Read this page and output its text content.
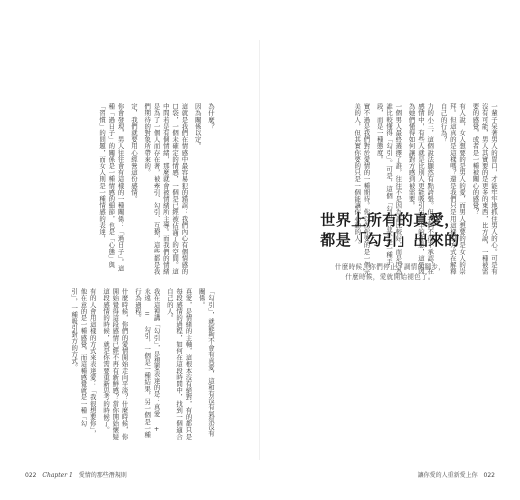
為什麼？
因為關係以定。
這就是我們在情感中最容易犯的錯誤：我們內心有個情感的口袋，一個未確定的情感，一個是已經被佔滿了的空間。這中間若是有個情緒，那麼就會被情緒所主導。而我們的情緒是為了一個人而存在著，被牽引、勾引、互撩，這些都是我們期待的對象所帶來的。
定，我們就要用心經營這份感情。
你會發現，男人往往會有這樣的一種關係：「過日子」。這種「過日子」的關係是一種情感的細節，也是「心態」與「習慣」的問題，而女人則是一種情感的表達，
「勾引」，就能夠不會有真愛，這和有沒有氣氛沒有關係。
真愛，是情緒的主軸，這根本沒有絕對，有的都只是每段感情的過程，如何在這段時間中，找到一個適合自己的人。
我在這裡講「勾引」，是想要表達的是：真愛 + 永遠 = 勾引，一個是一種結果，另一個是一種行為過程。
什麼時候，你們的愛情開始走向平淡？什麼時候，你開始覺得這段感情已經不再有新鮮感？當你開始懷疑這段感情的時候，就是你需要重新思考的時候了。
有的人會用這樣的方式來表達愛：「我很想要你」，他在意的是一種感覺，而這種感覺就是一種「勾引」，一種吸引對方的方式。
022 Chapter 1 愛情的那些潛規則
一輩子呆著男人的胃口，才能牢牢地抓住男人的心。可是有沒有可能，男人其實要的是更多的東西，比方說，一種被需要的感覺，或者是一種被關心的感覺？
有人說，女人想要的是男人的愛，而男人想要的是女人的崇拜。但這真的是這樣嗎？還是我們只是用這樣的方式在解釋自己的行為？
力的小三，這個說法顯然有點誇張。但我們不得不承認，在感情中，有些人就是比別人更能吸引另一半的注意，這是因為她們懂得如何讓對方感到被需要。
一個男人最終選擇了誰，往往不是因為誰比較好，而是因為誰比較懂得「勾引」。可是，這個「勾引」並不是一種手段，而是一種態度。
實不過是我們對於愛情的一種期待。你以為你要的是一個完美的人，但其實你要的只是一個能讓你心動的人。
世界上所有的真愛，
都是「勾引」出來的
什麼時候，你們停止了調情的腳步，
什麼時候，愛就開始褪色了。
讓你愛的人重新愛上你 022
